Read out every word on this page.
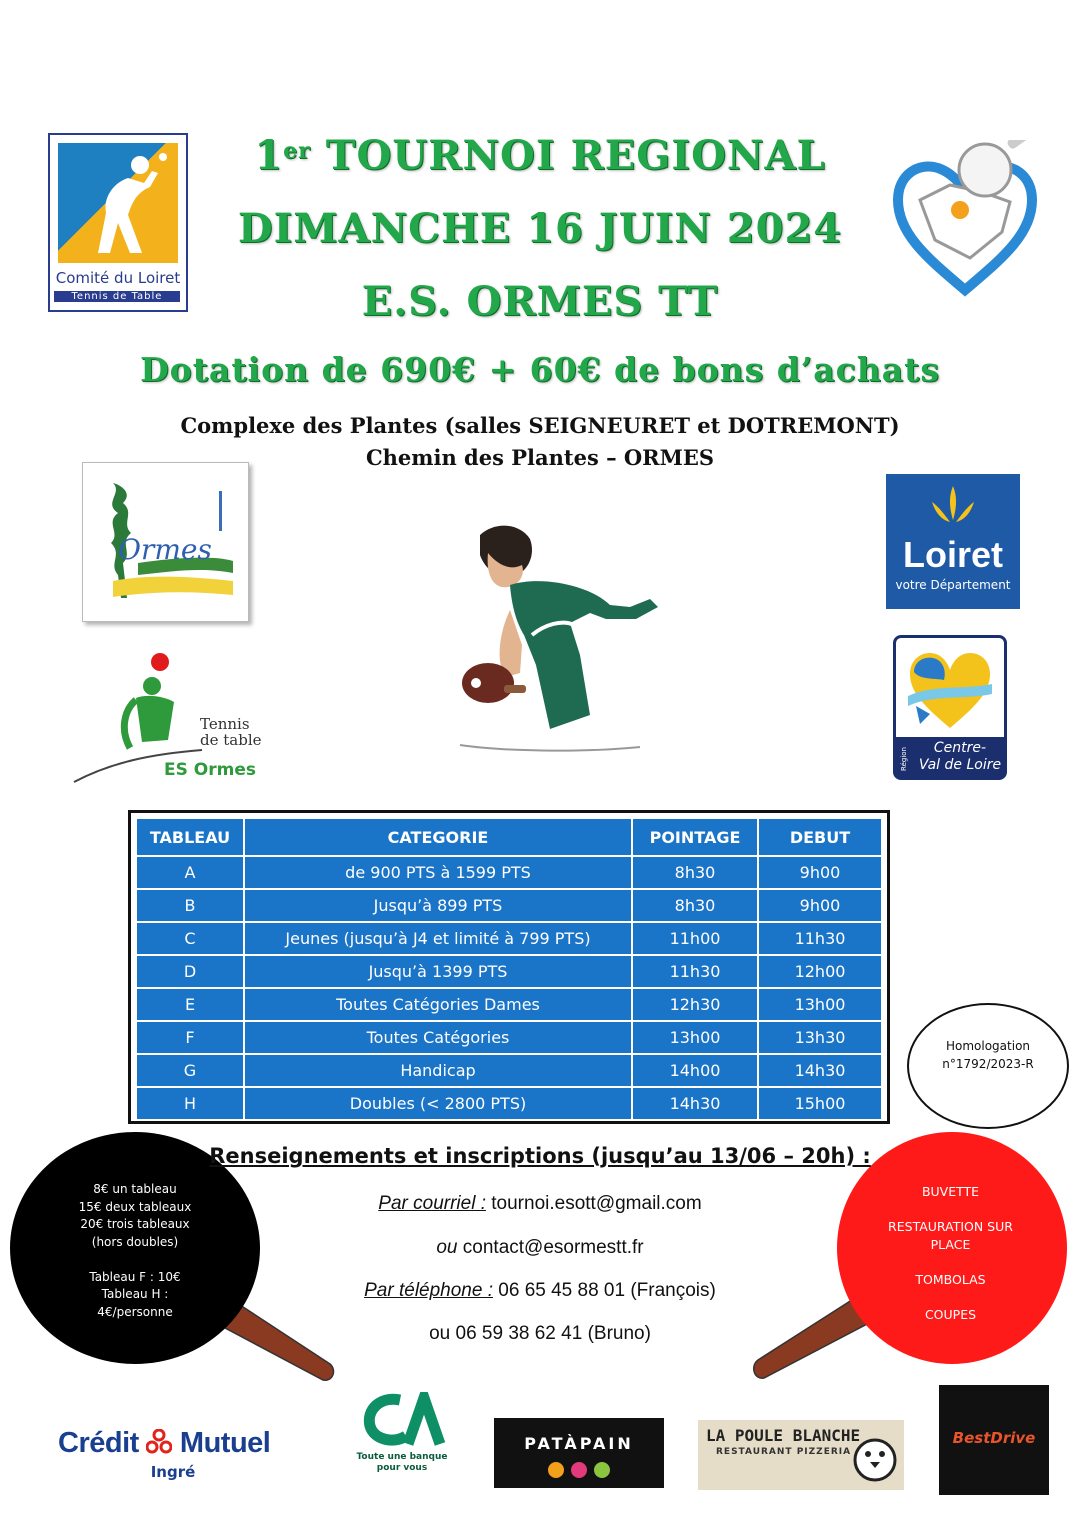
1er TOURNOI REGIONAL
DIMANCHE 16 JUIN 2024
E.S. ORMES TT
Dotation de 690€ + 60€ de bons d’achats
Complexe des Plantes (salles SEIGNEURET et DOTREMONT)
Chemin des Plantes – ORMES
Comité du Loiret
Tennis de Table
Ormes	Loiret
votre Département
Région	Centre-
Val de Loire
Tennis
de table
ES Ormes
TABLEAU	CATEGORIE	POINTAGE	DEBUT
A	de 900 PTS à 1599 PTS	8h30	9h00
B	Jusqu’à 899 PTS	8h30	9h00
C	Jeunes (jusqu’à J4 et limité à 799 PTS)	11h00	11h30
D	Jusqu’à 1399 PTS	11h30	12h00
E	Toutes Catégories Dames	12h30	13h00
F	Toutes Catégories	13h00	13h30
G	Handicap	14h00	14h30
H	Doubles (< 2800 PTS)	14h30	15h00
Homologation
n°1792/2023-R
8€ un tableau
15€ deux tableaux
20€ trois tableaux
(hors doubles)
Tableau F : 10€
Tableau H :
4€/personne
BUVETTE
RESTAURATION SUR PLACE
TOMBOLAS
COUPES
Renseignements et inscriptions (jusqu’au 13/06 – 20h) :
Par courriel : tournoi.esott@gmail.com
ou contact@esormestt.fr
Par téléphone : 06 65 45 88 01 (François)
ou 06 59 38 62 41 (Bruno)
Crédit Mutuel
Ingré
Toute une banque pour vous
PATÀPAIN	LA POULE BLANCHE
RESTAURANT PIZZERIA
BestDrive
